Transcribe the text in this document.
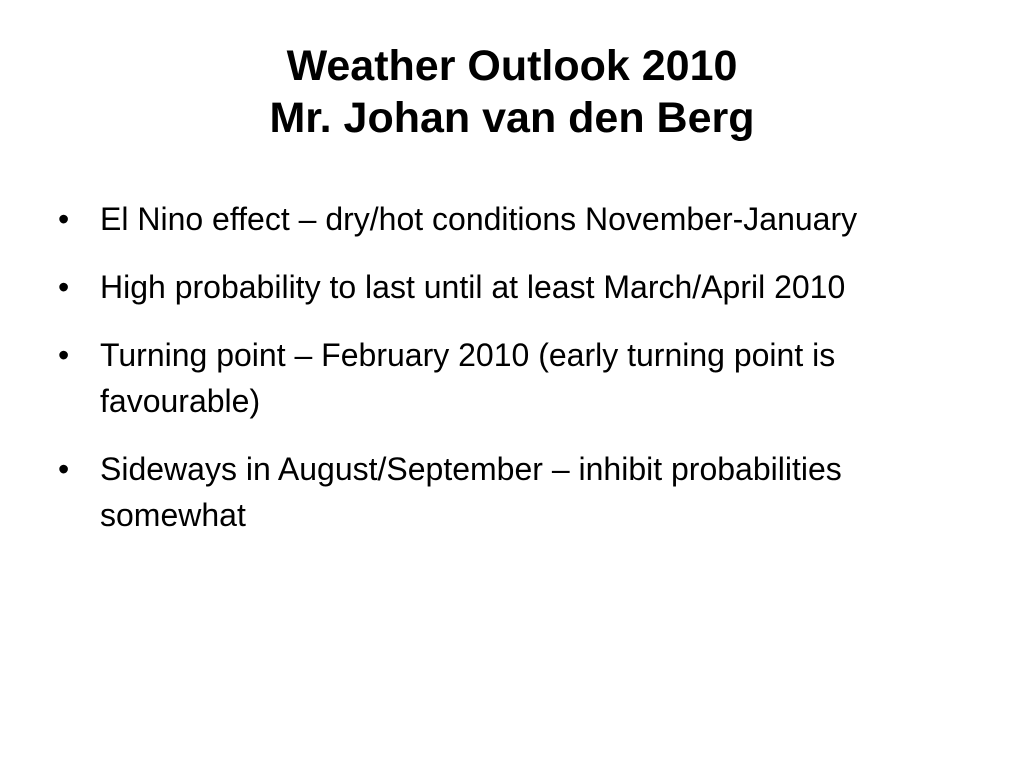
Weather Outlook 2010
Mr. Johan van den Berg
• El Nino effect – dry/hot conditions November-January
• High probability to last until at least March/April 2010
• Turning point – February 2010 (early turning point is favourable)
• Sideways in August/September – inhibit probabilities somewhat
